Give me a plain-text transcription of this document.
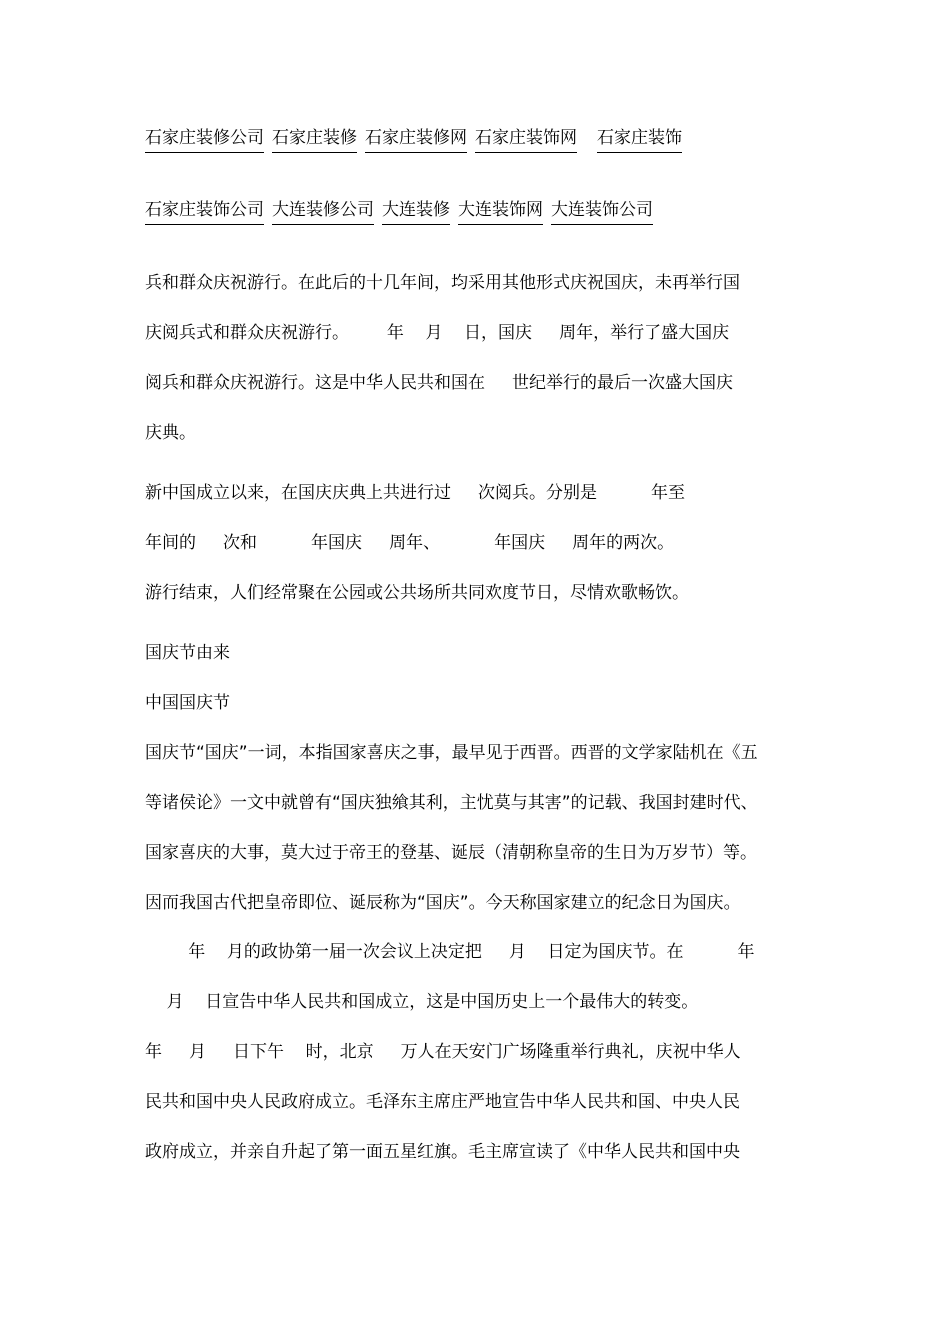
石家庄装修公司 石家庄装修 石家庄装修网 石家庄装饰网 石家庄装饰
石家庄装饰公司 大连装修公司 大连装修 大连装饰网 大连装饰公司
兵和群众庆祝游行。在此后的十几年间，均采用其他形式庆祝国庆，未再举行国
庆阅兵式和群众庆祝游行。       年    月    日，国庆     周年，举行了盛大国庆
阅兵和群众庆祝游行。这是中华人民共和国在     世纪举行的最后一次盛大国庆
庆典。
新中国成立以来，在国庆庆典上共进行过     次阅兵。分别是          年至
年间的     次和          年国庆     周年、          年国庆     周年的两次。
游行结束，人们经常聚在公园或公共场所共同欢度节日，尽情欢歌畅饮。
国庆节由来
中国国庆节
国庆节“国庆”一词，本指国家喜庆之事，最早见于西晋。西晋的文学家陆机在《五
等诸侯论》一文中就曾有“国庆独飨其利，主忧莫与其害”的记载、我国封建时代、
国家喜庆的大事，莫大过于帝王的登基、诞辰（清朝称皇帝的生日为万岁节）等。
因而我国古代把皇帝即位、诞辰称为“国庆”。今天称国家建立的纪念日为国庆。
年    月的政协第一届一次会议上决定把     月    日定为国庆节。在          年
月    日宣告中华人民共和国成立，这是中国历史上一个最伟大的转变。
年     月     日下午    时，北京     万人在天安门广场隆重举行典礼，庆祝中华人
民共和国中央人民政府成立。毛泽东主席庄严地宣告中华人民共和国、中央人民
政府成立，并亲自升起了第一面五星红旗。毛主席宣读了《中华人民共和国中央
